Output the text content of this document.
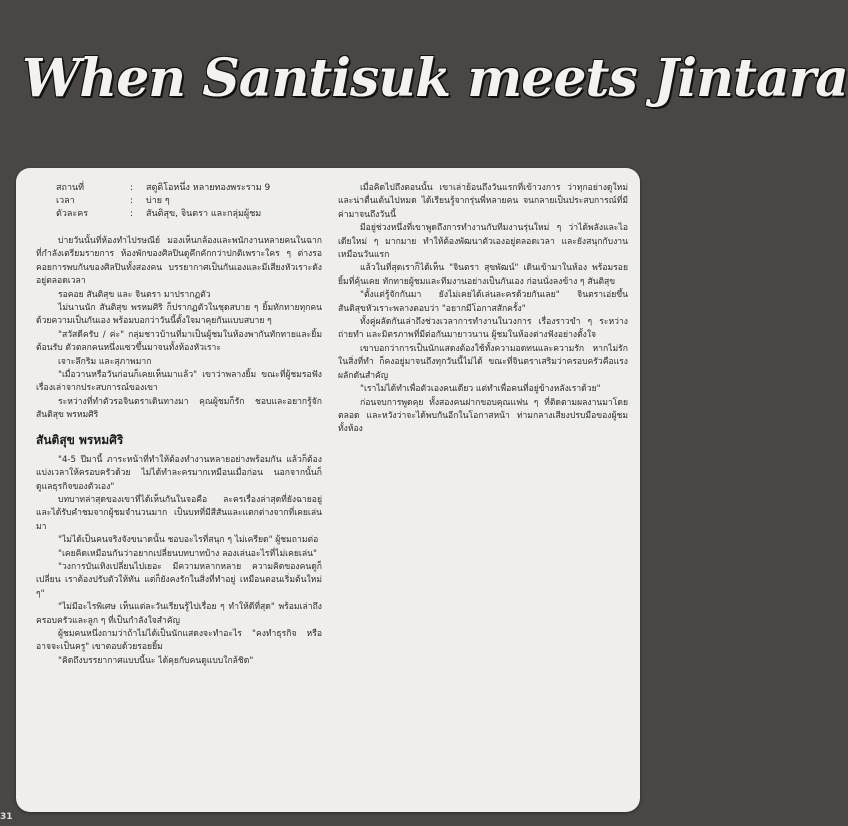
When Santisuk meets Jintara
สถานที่	:	สตูดิโอหนึ่ง หลายทองพระราม 9
เวลา	:	บ่าย ๆ
ตัวละคร	:	สันติสุข, จินตรา และกลุ่มผู้ชม

บ่ายวันนั้นที่ห้องทำไปรษณีย์ มองเห็นกล้องและพนักงานหลายคนในฉากที่กำลังเตรียมรายการ ห้องพักของศิลปินดูคึกคักกว่าปกติเพราะใคร ๆ ต่างรอคอยการพบกันของศิลปินทั้งสองคน บรรยากาศเป็นกันเองและมีเสียงหัวเราะดังอยู่ตลอดเวลา

รอคอย สันติสุข และ จินตรา มาปรากฏตัว

ไม่นานนัก สันติสุข พรหมศิริ ก็ปรากฏตัวในชุดสบาย ๆ ยิ้มทักทายทุกคนด้วยความเป็นกันเอง พร้อมบอกว่าวันนี้ตั้งใจมาคุยกันแบบสบาย ๆ

"สวัสดีครับ / ค่ะ" กลุ่มชาวบ้านที่มาเป็นผู้ชมในห้องพากันทักทายและยิ้มต้อนรับ ตัวตลกคนหนึ่งแซวขึ้นมาจนทั้งห้องหัวเราะ

เจาะลึกริม และสุภาพมาก

"เมื่อวานหรือวันก่อนก็เคยเห็นมาแล้ว" เขาว่าพลางยิ้ม ขณะที่ผู้ชมรอฟังเรื่องเล่าจากประสบการณ์ของเขา

ระหว่างที่ทำตัวรอจินตราเดินทางมา คุณผู้ชมก็รัก ชอบและอยากรู้จัก สันติสุข พรหมศิริ

สันติสุข พรหมศิริ

"4-5 ปีมานี้ ภาระหน้าที่ทำให้ต้องทำงานหลายอย่างพร้อมกัน แล้วก็ต้องแบ่งเวลาให้ครอบครัวด้วย ไม่ได้ทำละครมากเหมือนเมื่อก่อน นอกจากนั้นก็ดูแลธุรกิจของตัวเอง"

บทบาทล่าสุดของเขาที่ได้เห็นกันในจอคือ ละครเรื่องล่าสุดที่ยังฉายอยู่ และได้รับคำชมจากผู้ชมจำนวนมาก เป็นบทที่มีสีสันและแตกต่างจากที่เคยเล่นมา

"ไม่ได้เป็นคนจริงจังขนาดนั้น ชอบอะไรที่สนุก ๆ ไม่เครียด" ผู้ชมถามต่อ

"เคยคิดเหมือนกันว่าอยากเปลี่ยนบทบาทบ้าง ลองเล่นอะไรที่ไม่เคยเล่น"

"วงการบันเทิงเปลี่ยนไปเยอะ มีความหลากหลาย ความคิดของคนดูก็เปลี่ยน เราต้องปรับตัวให้ทัน แต่ก็ยังคงรักในสิ่งที่ทำอยู่ เหมือนตอนเริ่มต้นใหม่ ๆ"

"ไม่มีอะไรพิเศษ เห็นแต่ละวันเรียนรู้ไปเรื่อย ๆ ทำให้ดีที่สุด" พร้อมเล่าถึงครอบครัวและลูก ๆ ที่เป็นกำลังใจสำคัญ

ผู้ชมคนหนึ่งถามว่าถ้าไม่ได้เป็นนักแสดงจะทำอะไร "คงทำธุรกิจ หรืออาจจะเป็นครู" เขาตอบด้วยรอยยิ้ม

"คิดถึงบรรยากาศแบบนี้นะ ได้คุยกับคนดูแบบใกล้ชิด"

เมื่อคิดไปถึงตอนนั้น เขาเล่าย้อนถึงวันแรกที่เข้าวงการ ว่าทุกอย่างดูใหม่และน่าตื่นเต้นไปหมด ได้เรียนรู้จากรุ่นพี่หลายคน จนกลายเป็นประสบการณ์ที่มีค่ามาจนถึงวันนี้

มีอยู่ช่วงหนึ่งที่เขาพูดถึงการทำงานกับทีมงานรุ่นใหม่ ๆ ว่าได้พลังและไอเดียใหม่ ๆ มากมาย ทำให้ต้องพัฒนาตัวเองอยู่ตลอดเวลา และยังสนุกกับงานเหมือนวันแรก

แล้วในที่สุดเราก็ได้เห็น "จินตรา สุขพัฒน์" เดินเข้ามาในห้อง พร้อมรอยยิ้มที่คุ้นเคย ทักทายผู้ชมและทีมงานอย่างเป็นกันเอง ก่อนนั่งลงข้าง ๆ สันติสุข

"ตั้งแต่รู้จักกันมา ยังไม่เคยได้เล่นละครด้วยกันเลย" จินตราเอ่ยขึ้น สันติสุขหัวเราะพลางตอบว่า "อยากมีโอกาสสักครั้ง"

ทั้งคู่ผลัดกันเล่าถึงช่วงเวลาการทำงานในวงการ เรื่องราวขำ ๆ ระหว่างถ่ายทำ และมิตรภาพที่มีต่อกันมายาวนาน ผู้ชมในห้องต่างฟังอย่างตั้งใจ

เขาบอกว่าการเป็นนักแสดงต้องใช้ทั้งความอดทนและความรัก หากไม่รักในสิ่งที่ทำ ก็คงอยู่มาจนถึงทุกวันนี้ไม่ได้ ขณะที่จินตราเสริมว่าครอบครัวคือแรงผลักดันสำคัญ

"เราไม่ได้ทำเพื่อตัวเองคนเดียว แต่ทำเพื่อคนที่อยู่ข้างหลังเราด้วย"

ก่อนจบการพูดคุย ทั้งสองคนฝากขอบคุณแฟน ๆ ที่ติดตามผลงานมาโดยตลอด และหวังว่าจะได้พบกันอีกในโอกาสหน้า ท่ามกลางเสียงปรบมือของผู้ชมทั้งห้อง

31
